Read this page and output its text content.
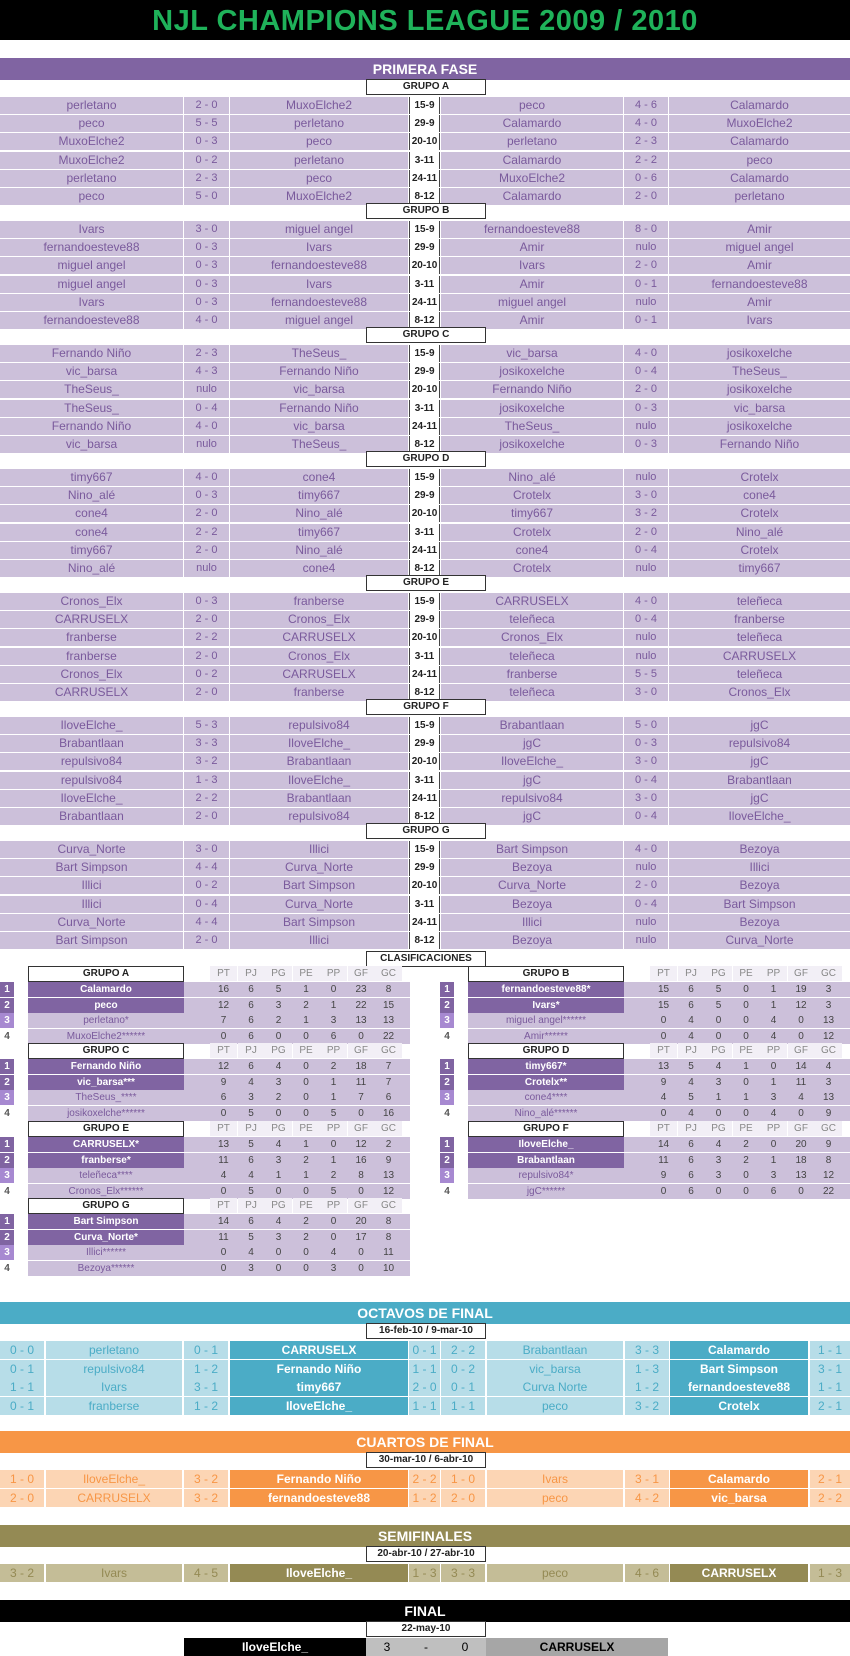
NJL CHAMPIONS LEAGUE 2009 / 2010
PRIMERA FASE
GRUPO A
perletano	2 - 0	MuxoElche2	peco	4 - 6	Calamardo
15-9
peco	5 - 5	perletano	Calamardo	4 - 0	MuxoElche2
29-9
MuxoElche2	0 - 3	peco	perletano	2 - 3	Calamardo
20-10
MuxoElche2	0 - 2	perletano	Calamardo	2 - 2	peco
3-11
perletano	2 - 3	peco	MuxoElche2	0 - 6	Calamardo
24-11
peco	5 - 0	MuxoElche2	Calamardo	2 - 0	perletano
8-12
GRUPO B
Ivars	3 - 0	miguel angel	fernandoesteve88	8 - 0	Amir
15-9
fernandoesteve88	0 - 3	Ivars	Amir	nulo	miguel angel
29-9
miguel angel	0 - 3	fernandoesteve88	Ivars	2 - 0	Amir
20-10
miguel angel	0 - 3	Ivars	Amir	0 - 1	fernandoesteve88
3-11
Ivars	0 - 3	fernandoesteve88	miguel angel	nulo	Amir
24-11
fernandoesteve88	4 - 0	miguel angel	Amir	0 - 1	Ivars
8-12
GRUPO C
Fernando Niño	2 - 3	TheSeus_	vic_barsa	4 - 0	josikoxelche
15-9
vic_barsa	4 - 3	Fernando Niño	josikoxelche	0 - 4	TheSeus_
29-9
TheSeus_	nulo	vic_barsa	Fernando Niño	2 - 0	josikoxelche
20-10
TheSeus_	0 - 4	Fernando Niño	josikoxelche	0 - 3	vic_barsa
3-11
Fernando Niño	4 - 0	vic_barsa	TheSeus_	nulo	josikoxelche
24-11
vic_barsa	nulo	TheSeus_	josikoxelche	0 - 3	Fernando Niño
8-12
GRUPO D
timy667	4 - 0	cone4	Nino_alé	nulo	Crotelx
15-9
Nino_alé	0 - 3	timy667	Crotelx	3 - 0	cone4
29-9
cone4	2 - 0	Nino_alé	timy667	3 - 2	Crotelx
20-10
cone4	2 - 2	timy667	Crotelx	2 - 0	Nino_alé
3-11
timy667	2 - 0	Nino_alé	cone4	0 - 4	Crotelx
24-11
Nino_alé	nulo	cone4	Crotelx	nulo	timy667
8-12
GRUPO E
Cronos_Elx	0 - 3	franberse	CARRUSELX	4 - 0	teleñeca
15-9
CARRUSELX	2 - 0	Cronos_Elx	teleñeca	0 - 4	franberse
29-9
franberse	2 - 2	CARRUSELX	Cronos_Elx	nulo	teleñeca
20-10
franberse	2 - 0	Cronos_Elx	teleñeca	nulo	CARRUSELX
3-11
Cronos_Elx	0 - 2	CARRUSELX	franberse	5 - 5	teleñeca
24-11
CARRUSELX	2 - 0	franberse	teleñeca	3 - 0	Cronos_Elx
8-12
GRUPO F
IloveElche_	5 - 3	repulsivo84	Brabantlaan	5 - 0	jgC
15-9
Brabantlaan	3 - 3	IloveElche_	jgC	0 - 3	repulsivo84
29-9
repulsivo84	3 - 2	Brabantlaan	IloveElche_	3 - 0	jgC
20-10
repulsivo84	1 - 3	IloveElche_	jgC	0 - 4	Brabantlaan
3-11
IloveElche_	2 - 2	Brabantlaan	repulsivo84	3 - 0	jgC
24-11
Brabantlaan	2 - 0	repulsivo84	jgC	0 - 4	IloveElche_
8-12
GRUPO G
Curva_Norte	3 - 0	Illici	Bart Simpson	4 - 0	Bezoya
15-9
Bart Simpson	4 - 4	Curva_Norte	Bezoya	nulo	Illici
29-9
Illici	0 - 2	Bart Simpson	Curva_Norte	2 - 0	Bezoya
20-10
Illici	0 - 4	Curva_Norte	Bezoya	0 - 4	Bart Simpson
3-11
Curva_Norte	4 - 4	Bart Simpson	Illici	nulo	Bezoya
24-11
Bart Simpson	2 - 0	Illici	Bezoya	nulo	Curva_Norte
8-12
CLASIFICACIONES
GRUPO A	PT	PJ	PG	PE	PP	GF	GC
1	Calamardo	16	6	5	1	0	23	8
2	peco	12	6	3	2	1	22	15
3	perletano*	7	6	2	1	3	13	13
4	MuxoElche2******	0	6	0	0	6	0	22
GRUPO B	PT	PJ	PG	PE	PP	GF	GC
1	fernandoesteve88*	15	6	5	0	1	19	3
2	Ivars*	15	6	5	0	1	12	3
3	miguel angel******	0	4	0	0	4	0	13
4	Amir******	0	4	0	0	4	0	12
GRUPO C	PT	PJ	PG	PE	PP	GF	GC
1	Fernando Niño	12	6	4	0	2	18	7
2	vic_barsa***	9	4	3	0	1	11	7
3	TheSeus_****	6	3	2	0	1	7	6
4	josikoxelche******	0	5	0	0	5	0	16
GRUPO D	PT	PJ	PG	PE	PP	GF	GC
1	timy667*	13	5	4	1	0	14	4
2	Crotelx**	9	4	3	0	1	11	3
3	cone4****	4	5	1	1	3	4	13
4	Nino_alé******	0	4	0	0	4	0	9
GRUPO E	PT	PJ	PG	PE	PP	GF	GC
1	CARRUSELX*	13	5	4	1	0	12	2
2	franberse*	11	6	3	2	1	16	9
3	teleñeca****	4	4	1	1	2	8	13
4	Cronos_Elx******	0	5	0	0	5	0	12
GRUPO F	PT	PJ	PG	PE	PP	GF	GC
1	IloveElche_	14	6	4	2	0	20	9
2	Brabantlaan	11	6	3	2	1	18	8
3	repulsivo84*	9	6	3	0	3	13	12
4	jgC******	0	6	0	0	6	0	22
GRUPO G	PT	PJ	PG	PE	PP	GF	GC
1	Bart Simpson	14	6	4	2	0	20	8
2	Curva_Norte*	11	5	3	2	0	17	8
3	Illici******	0	4	0	0	4	0	11
4	Bezoya******	0	3	0	0	3	0	10
OCTAVOS DE FINAL
16-feb-10 / 9-mar-10
0 - 0	perletano	0 - 1	CARRUSELX	0 - 1	2 - 2	Brabantlaan	3 - 3	Calamardo	1 - 1
0 - 1	repulsivo84	1 - 2	Fernando Niño	1 - 1	0 - 2	vic_barsa	1 - 3	Bart Simpson	3 - 1
1 - 1	Ivars	3 - 1	timy667	2 - 0	0 - 1	Curva Norte	1 - 2	fernandoesteve88	1 - 1
0 - 1	franberse	1 - 2	IloveElche_	1 - 1	1 - 1	peco	3 - 2	Crotelx	2 - 1
CUARTOS DE FINAL
30-mar-10 / 6-abr-10
1 - 0	IloveElche_	3 - 2	Fernando Niño	2 - 2	1 - 0	Ivars	3 - 1	Calamardo	2 - 1
2 - 0	CARRUSELX	3 - 2	fernandoesteve88	1 - 2	2 - 0	peco	4 - 2	vic_barsa	2 - 2
SEMIFINALES
20-abr-10 / 27-abr-10
3 - 2	Ivars	4 - 5	IloveElche_	1 - 3	3 - 3	peco	4 - 6	CARRUSELX	1 - 3
FINAL
22-may-10
IloveElche_	3	-	0	CARRUSELX
